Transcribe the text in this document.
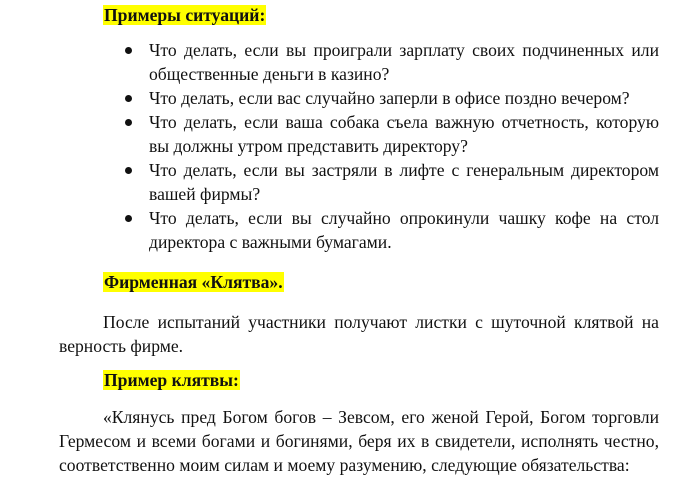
Примеры ситуаций:
Что делать, если вы проиграли зарплату своих подчиненных или общественные деньги в казино?
Что делать, если вас случайно заперли в офисе поздно вечером?
Что делать, если ваша собака съела важную отчетность, которую вы должны утром представить директору?
Что делать, если вы застряли в лифте с генеральным директором вашей фирмы?
Что делать, если вы случайно опрокинули чашку кофе на стол директора с важными бумагами.
Фирменная «Клятва».
После испытаний участники получают листки с шуточной клятвой на верность фирме.
Пример клятвы:
«Клянусь пред Богом богов – Зевсом, его женой Герой, Богом торговли Гермесом и всеми богами и богинями, беря их в свидетели, исполнять честно, соответственно моим силам и моему разумению, следующие обязательства:
